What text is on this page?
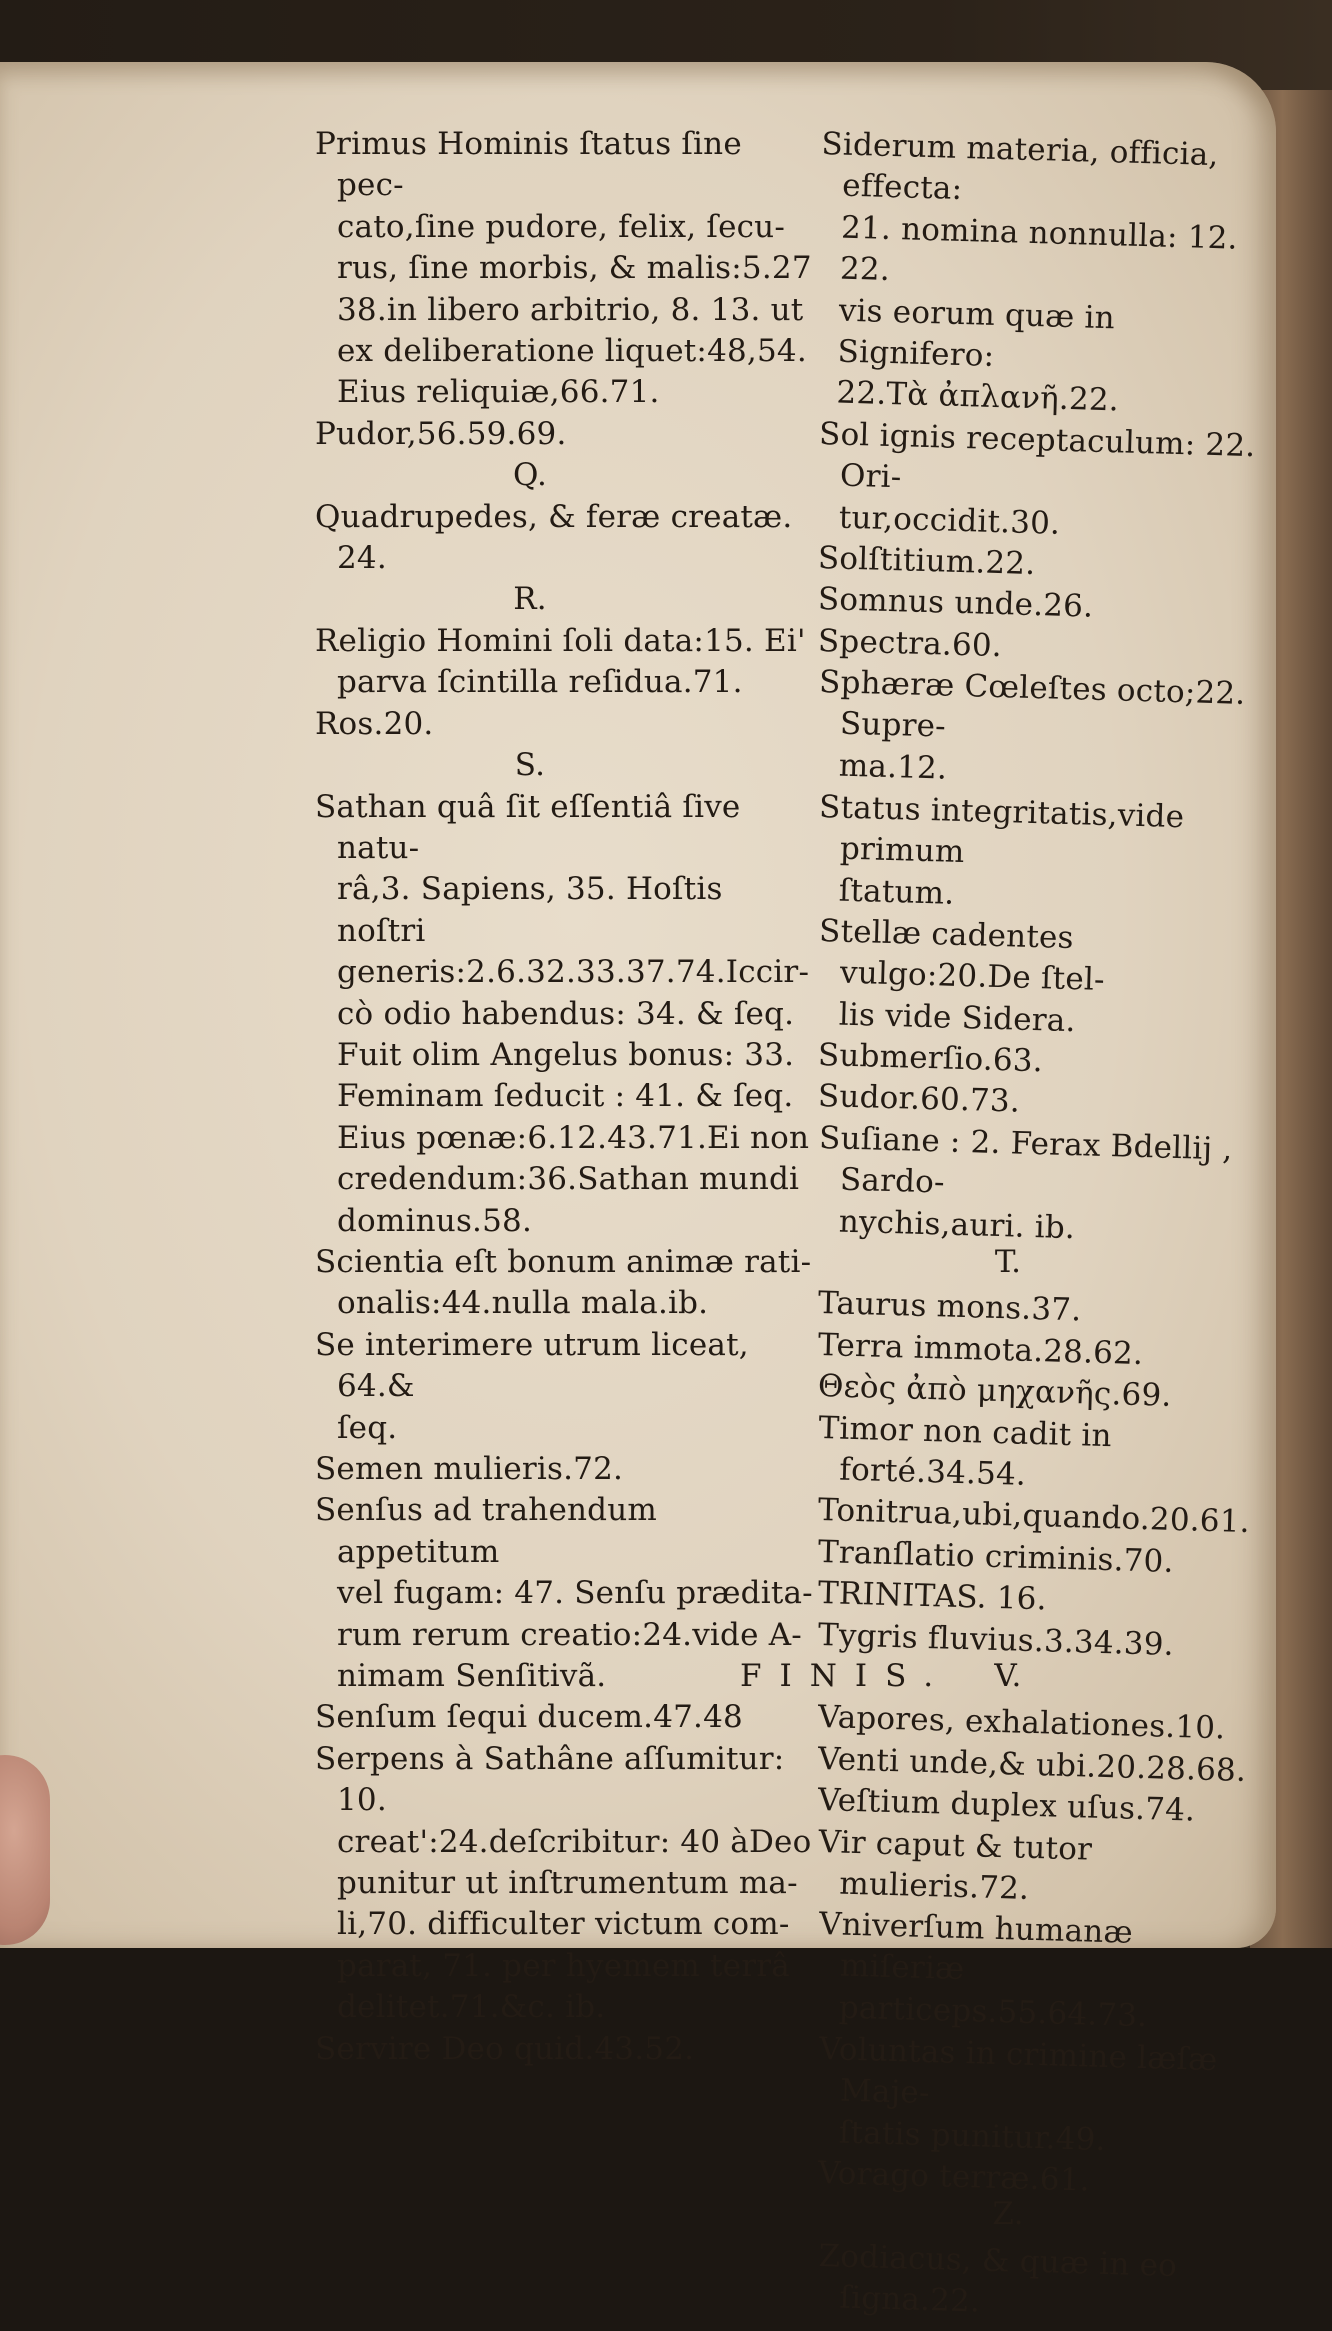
Primus Hominis ſtatus ſine pec-
cato,ſine pudore, felix, ſecu-
rus, ſine morbis, & malis:5.27
38.in libero arbitrio, 8. 13. ut
ex deliberatione liquet:48,54.
Eius reliquiæ,66.71.
Pudor,56.59.69.
Q.
Quadrupedes, & feræ creatæ. 24.
R.
Religio Homini ſoli data:15. Ei'
parva ſcintilla reſidua.71.
Ros.20.
S.
Sathan quâ ſit eſſentiâ ſive natu-
râ,3. Sapiens, 35. Hoſtis noſtri
generis:2.6.32.33.37.74.Iccir-
cò odio habendus: 34. & ſeq.
Fuit olim Angelus bonus: 33.
Feminam ſeducit : 41. & ſeq.
Eius pœnæ:6.12.43.71.Ei non
credendum:36.Sathan mundi
dominus.58.
Scientia eſt bonum animæ rati-
onalis:44.nulla mala.ib.
Se interimere utrum liceat, 64.&
ſeq.
Semen mulieris.72.
Senſus ad trahendum appetitum
vel fugam: 47. Senſu prædita-
rum rerum creatio:24.vide A-
nimam Senſitivã.
Senſum ſequi ducem.47.48
Serpens à Sathâne aſſumitur: 10.
creat':24.deſcribitur: 40 àDeo
punitur ut inſtrumentum ma-
li,70. difficulter victum com-
parat, 71. per hyemem terrâ
delitet.71.&c. ib.
Servire Deo quid.43.52.
Siderum materia, officia, effecta:
21. nomina nonnulla: 12. 22.
vis eorum quæ in Signifero:
22.Τὰ ἀπλανῆ.22.
Sol ignis receptaculum: 22. Ori-
tur,occidit.30.
Solſtitium.22.
Somnus unde.26.
Spectra.60.
Sphæræ Cœleſtes octo;22. Supre-
ma.12.
Status integritatis,vide primum
ſtatum.
Stellæ cadentes vulgo:20.De ſtel-
lis vide Sidera.
Submerſio.63.
Sudor.60.73.
Suſiane : 2. Ferax Bdellij , Sardo-
nychis,auri. ib.
T.
Taurus mons.37.
Terra immota.28.62.
Θεὸς ἀπὸ μηχανῆς.69.
Timor non cadit in forté.34.54.
Tonitrua,ubi,quando.20.61.
Tranſlatio criminis.70.
TRINITAS. 16.
Tygris fluvius.3.34.39.
V.
Vapores, exhalationes.10.
Venti unde,& ubi.20.28.68.
Veſtium duplex uſus.74.
Vir caput & tutor mulieris.72.
Vniverſum humanæ miſeriæ
particeps.55.64.73.
Voluntas in crimine læſæ Maje-
ſtatis punitur.49.
Vorago terræ.61.
Z.
Zodiacus, & quæ in eo ſigna.22.
FINIS.
